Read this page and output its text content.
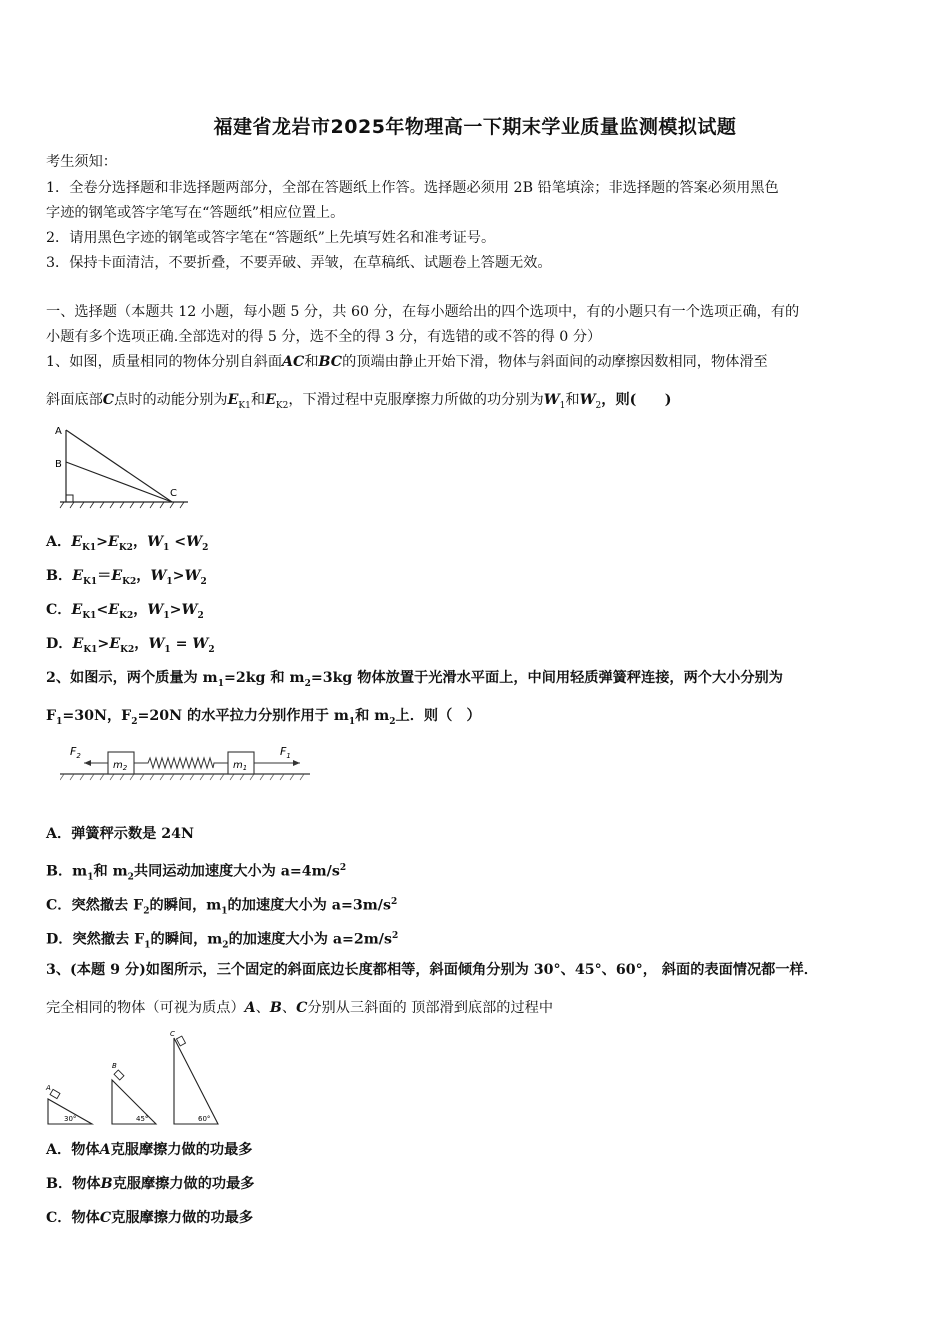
福建省龙岩市2025年物理高一下期末学业质量监测模拟试题
考生须知：
1．全卷分选择题和非选择题两部分，全部在答题纸上作答。选择题必须用 2B 铅笔填涂；非选择题的答案必须用黑色
字迹的钢笔或答字笔写在“答题纸”相应位置上。
2．请用黑色字迹的钢笔或答字笔在“答题纸”上先填写姓名和准考证号。
3．保持卡面清洁，不要折叠，不要弄破、弄皱，在草稿纸、试题卷上答题无效。
一、选择题（本题共 12 小题，每小题 5 分，共 60 分，在每小题给出的四个选项中，有的小题只有一个选项正确，有的
小题有多个选项正确.全部选对的得 5 分，选不全的得 3 分，有选错的或不答的得 0 分）
1、如图，质量相同的物体分别自斜面AC和BC的顶端由静止开始下滑，物体与斜面间的动摩擦因数相同，物体滑至
斜面底部C点时的动能分别为$E_{K1}$和$E_{K2}$，下滑过程中克服摩擦力所做的功分别为$W_1$和$W_2$，则(　　)
A
B
C
A．$E_{K1}>E_{K2}$，$W_1 <W_2$
B．$E_{K1}=E_{K2}$，$W_1>W_2$
C．$E_{K1}<E_{K2}$，$W_1>W_2$
D．$E_{K1}>E_{K2}$，$W_1 = W_2$
2、如图示，两个质量为 $m_1=2kg$ 和 $m_2=3kg$ 物体放置于光滑水平面上，中间用轻质弹簧秤连接，两个大小分别为
$F_1=30N$，$F_2=20N$ 的水平拉力分别作用于 $m_1$和 $m_2$上．则（　）
$F_2$	$F_1$
$m_2$	$m_1$
A．弹簧秤示数是 24N
B．$m_1$和 $m_2$共同运动加速度大小为 $a=4m/s^2$
C．突然撤去 $F_2$的瞬间，$m_1$的加速度大小为 $a=3m/s^2$
D．突然撤去 $F_1$的瞬间，$m_2$的加速度大小为 $a=2m/s^2$
3、(本题 9 分)如图所示，三个固定的斜面底边长度都相等，斜面倾角分别为 30°、45°、60°， 斜面的表面情况都一样．
完全相同的物体（可视为质点）A、B、C分别从三斜面的 顶部滑到底部的过程中
A
30°
B
45°
C
60°
A．物体A克服摩擦力做的功最多
B．物体B克服摩擦力做的功最多
C．物体C克服摩擦力做的功最多
